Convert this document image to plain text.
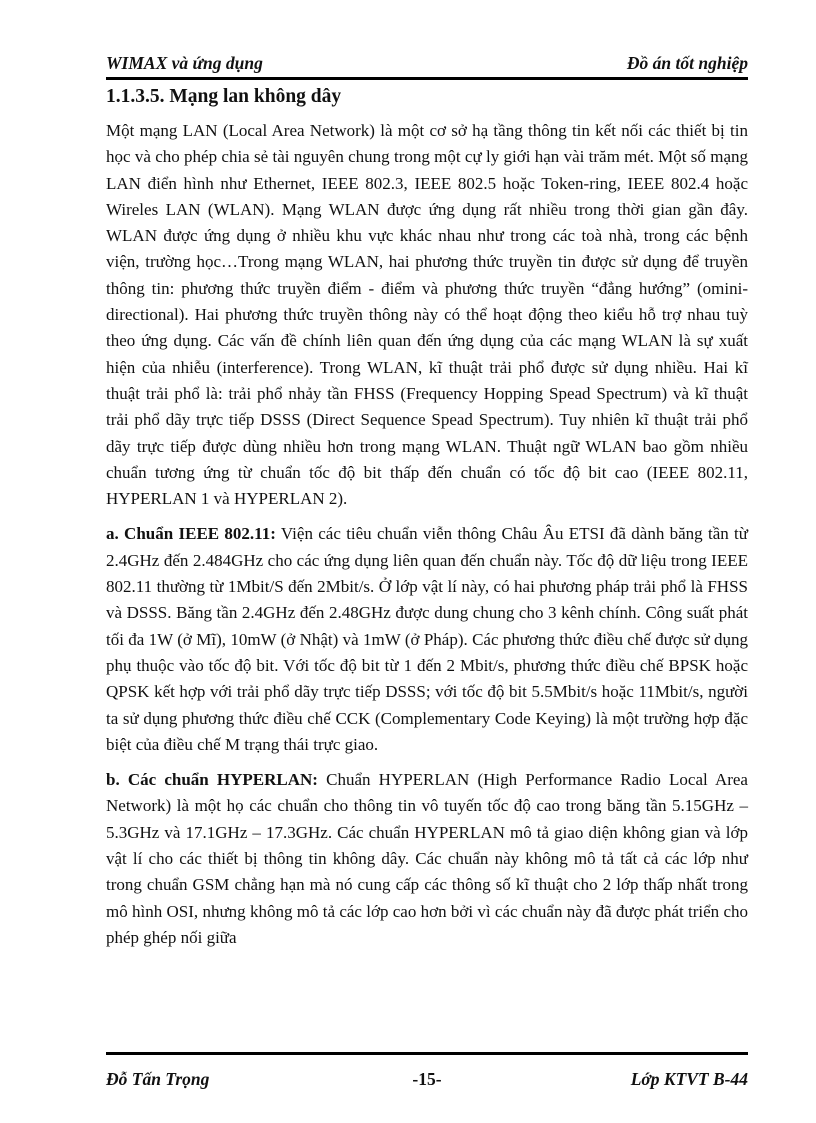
WIMAX và ứng dụng	Đồ án tốt nghiệp
1.1.3.5. Mạng lan không dây

Một mạng LAN (Local Area Network) là một cơ sở hạ tầng thông tin kết nối các thiết bị tin học và cho phép chia sẻ tài nguyên chung trong một cự ly giới hạn vài trăm mét. Một số mạng LAN điển hình như Ethernet, IEEE 802.3, IEEE 802.5 hoặc Token-ring, IEEE 802.4 hoặc Wireles LAN (WLAN). Mạng WLAN được ứng dụng rất nhiều trong thời gian gần đây. WLAN được ứng dụng ở nhiều khu vực khác nhau như trong các toà nhà, trong các bệnh viện, trường học…Trong mạng WLAN, hai phương thức truyền tin được sử dụng để truyền thông tin: phương thức truyền điểm - điểm và phương thức truyền “đẳng hướng” (omini-directional). Hai phương thức truyền thông này có thể hoạt động theo kiểu hỗ trợ nhau tuỳ theo ứng dụng. Các vấn đề chính liên quan đến ứng dụng của các mạng WLAN là sự xuất hiện của nhiễu (interference). Trong WLAN, kĩ thuật trải phổ được sử dụng nhiều. Hai kĩ thuật trải phổ là: trải phổ nhảy tần FHSS (Frequency Hopping Spead Spectrum) và kĩ thuật trải phổ dãy trực tiếp DSSS (Direct Sequence Spead Spectrum). Tuy nhiên kĩ thuật trải phổ dãy trực tiếp được dùng nhiều hơn trong mạng WLAN. Thuật ngữ WLAN bao gồm nhiều chuẩn tương ứng từ chuẩn tốc độ bit thấp đến chuẩn có tốc độ bit cao (IEEE 802.11, HYPERLAN 1 và HYPERLAN 2).

a. Chuẩn IEEE 802.11: Viện các tiêu chuẩn viễn thông Châu Âu ETSI đã dành băng tần từ 2.4GHz đến 2.484GHz cho các ứng dụng liên quan đến chuẩn này. Tốc độ dữ liệu trong IEEE 802.11 thường từ 1Mbit/S đến 2Mbit/s. Ở lớp vật lí này, có hai phương pháp trải phổ là FHSS và DSSS. Băng tần 2.4GHz đến 2.48GHz được dung chung cho 3 kênh chính. Công suất phát tối đa 1W (ở Mĩ), 10mW (ở Nhật) và 1mW (ở Pháp). Các phương thức điều chế được sử dụng phụ thuộc vào tốc độ bit. Với tốc độ bit từ 1 đến 2 Mbit/s, phương thức điều chế BPSK hoặc QPSK kết hợp với trải phổ dãy trực tiếp DSSS; với tốc độ bit 5.5Mbit/s hoặc 11Mbit/s, người ta sử dụng phương thức điều chế CCK (Complementary Code Keying) là một trường hợp đặc biệt của điều chế M trạng thái trực giao.

b. Các chuẩn HYPERLAN: Chuẩn HYPERLAN (High Performance Radio Local Area Network) là một họ các chuẩn cho thông tin vô tuyến tốc độ cao trong băng tần 5.15GHz – 5.3GHz và 17.1GHz – 17.3GHz. Các chuẩn HYPERLAN mô tả giao diện không gian và lớp vật lí cho các thiết bị thông tin không dây. Các chuẩn này không mô tả tất cả các lớp như trong chuẩn GSM chẳng hạn mà nó cung cấp các thông số kĩ thuật cho 2 lớp thấp nhất trong mô hình OSI, nhưng không mô tả các lớp cao hơn bởi vì các chuẩn này đã được phát triển cho phép ghép nối giữa

Đỗ Tấn Trọng	-15-	Lớp KTVT B-44
